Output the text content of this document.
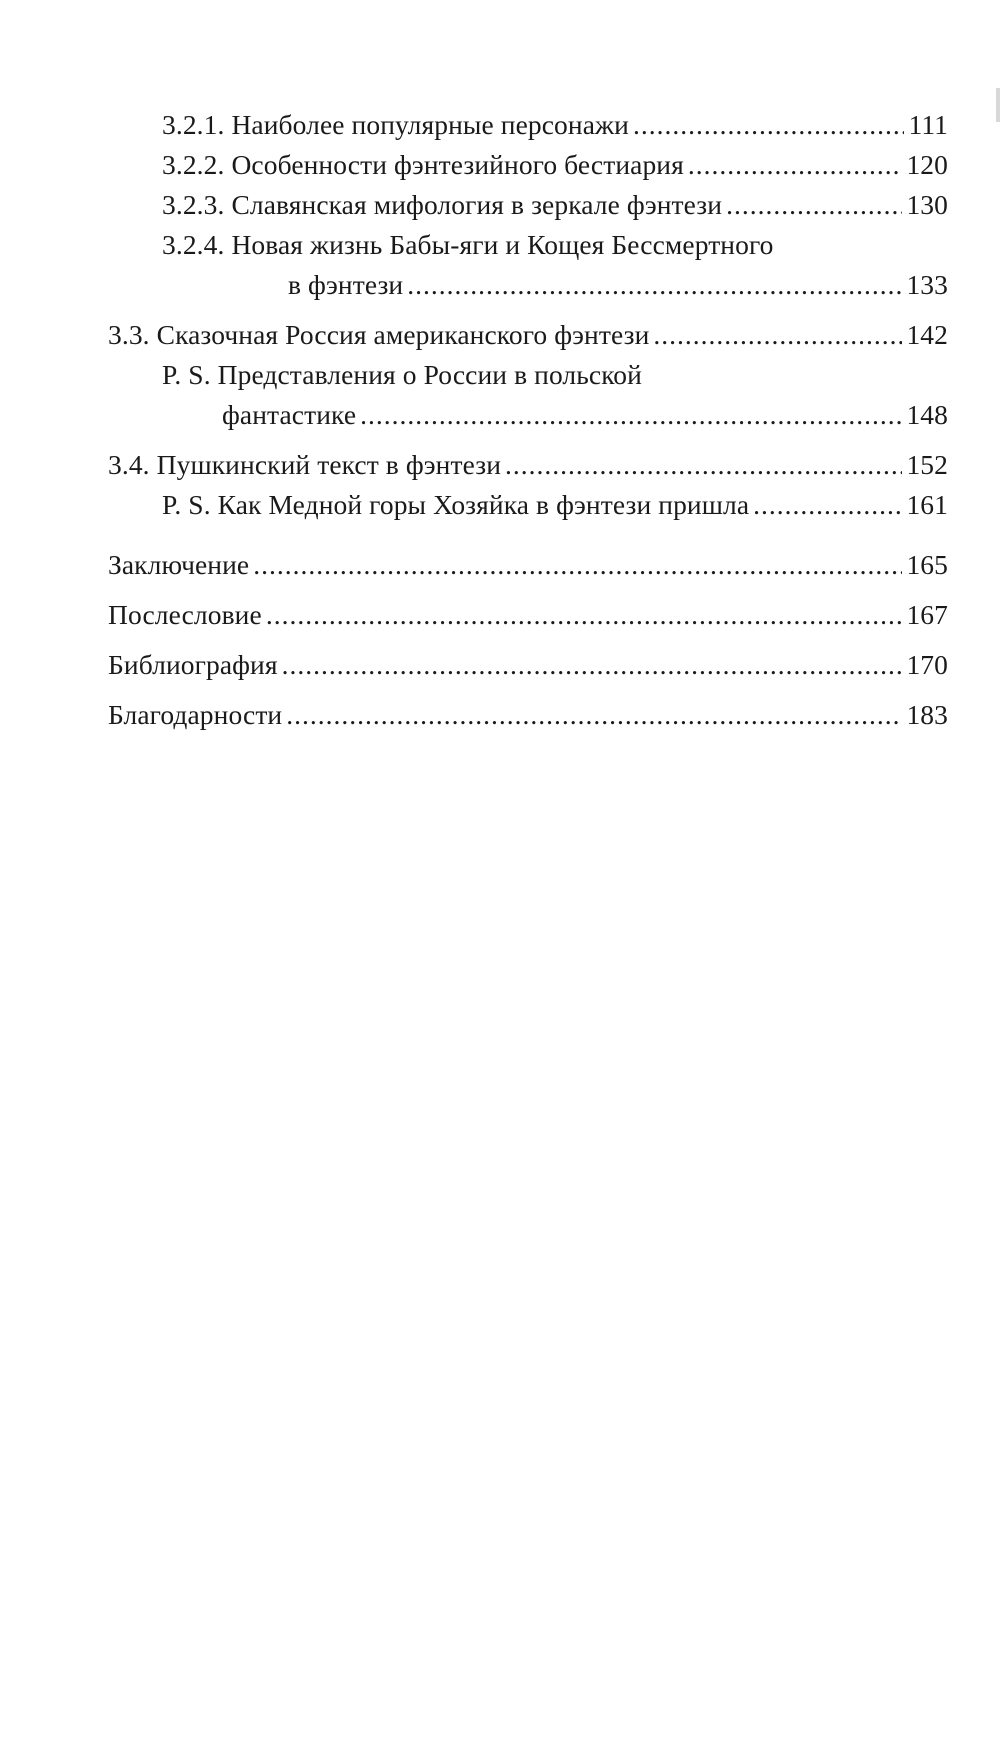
3.2.1. Наиболее популярные персонажи .....	111
3.2.2. Особенности фэнтезийного бестиария .....	120
3.2.3. Славянская мифология в зеркале фэнтези .....	130
3.2.4. Новая жизнь Бабы-яги и Кощея Бессмертного
в фэнтези .....	133
3.3. Сказочная Россия американского фэнтези .....	142
P. S. Представления о России в польской
фантастике .....	148
3.4. Пушкинский текст в фэнтези .....	152
P. S. Как Медной горы Хозяйка в фэнтези пришла .....	161
Заключение .....	165
Послесловие .....	167
Библиография .....	170
Благодарности .....	183
